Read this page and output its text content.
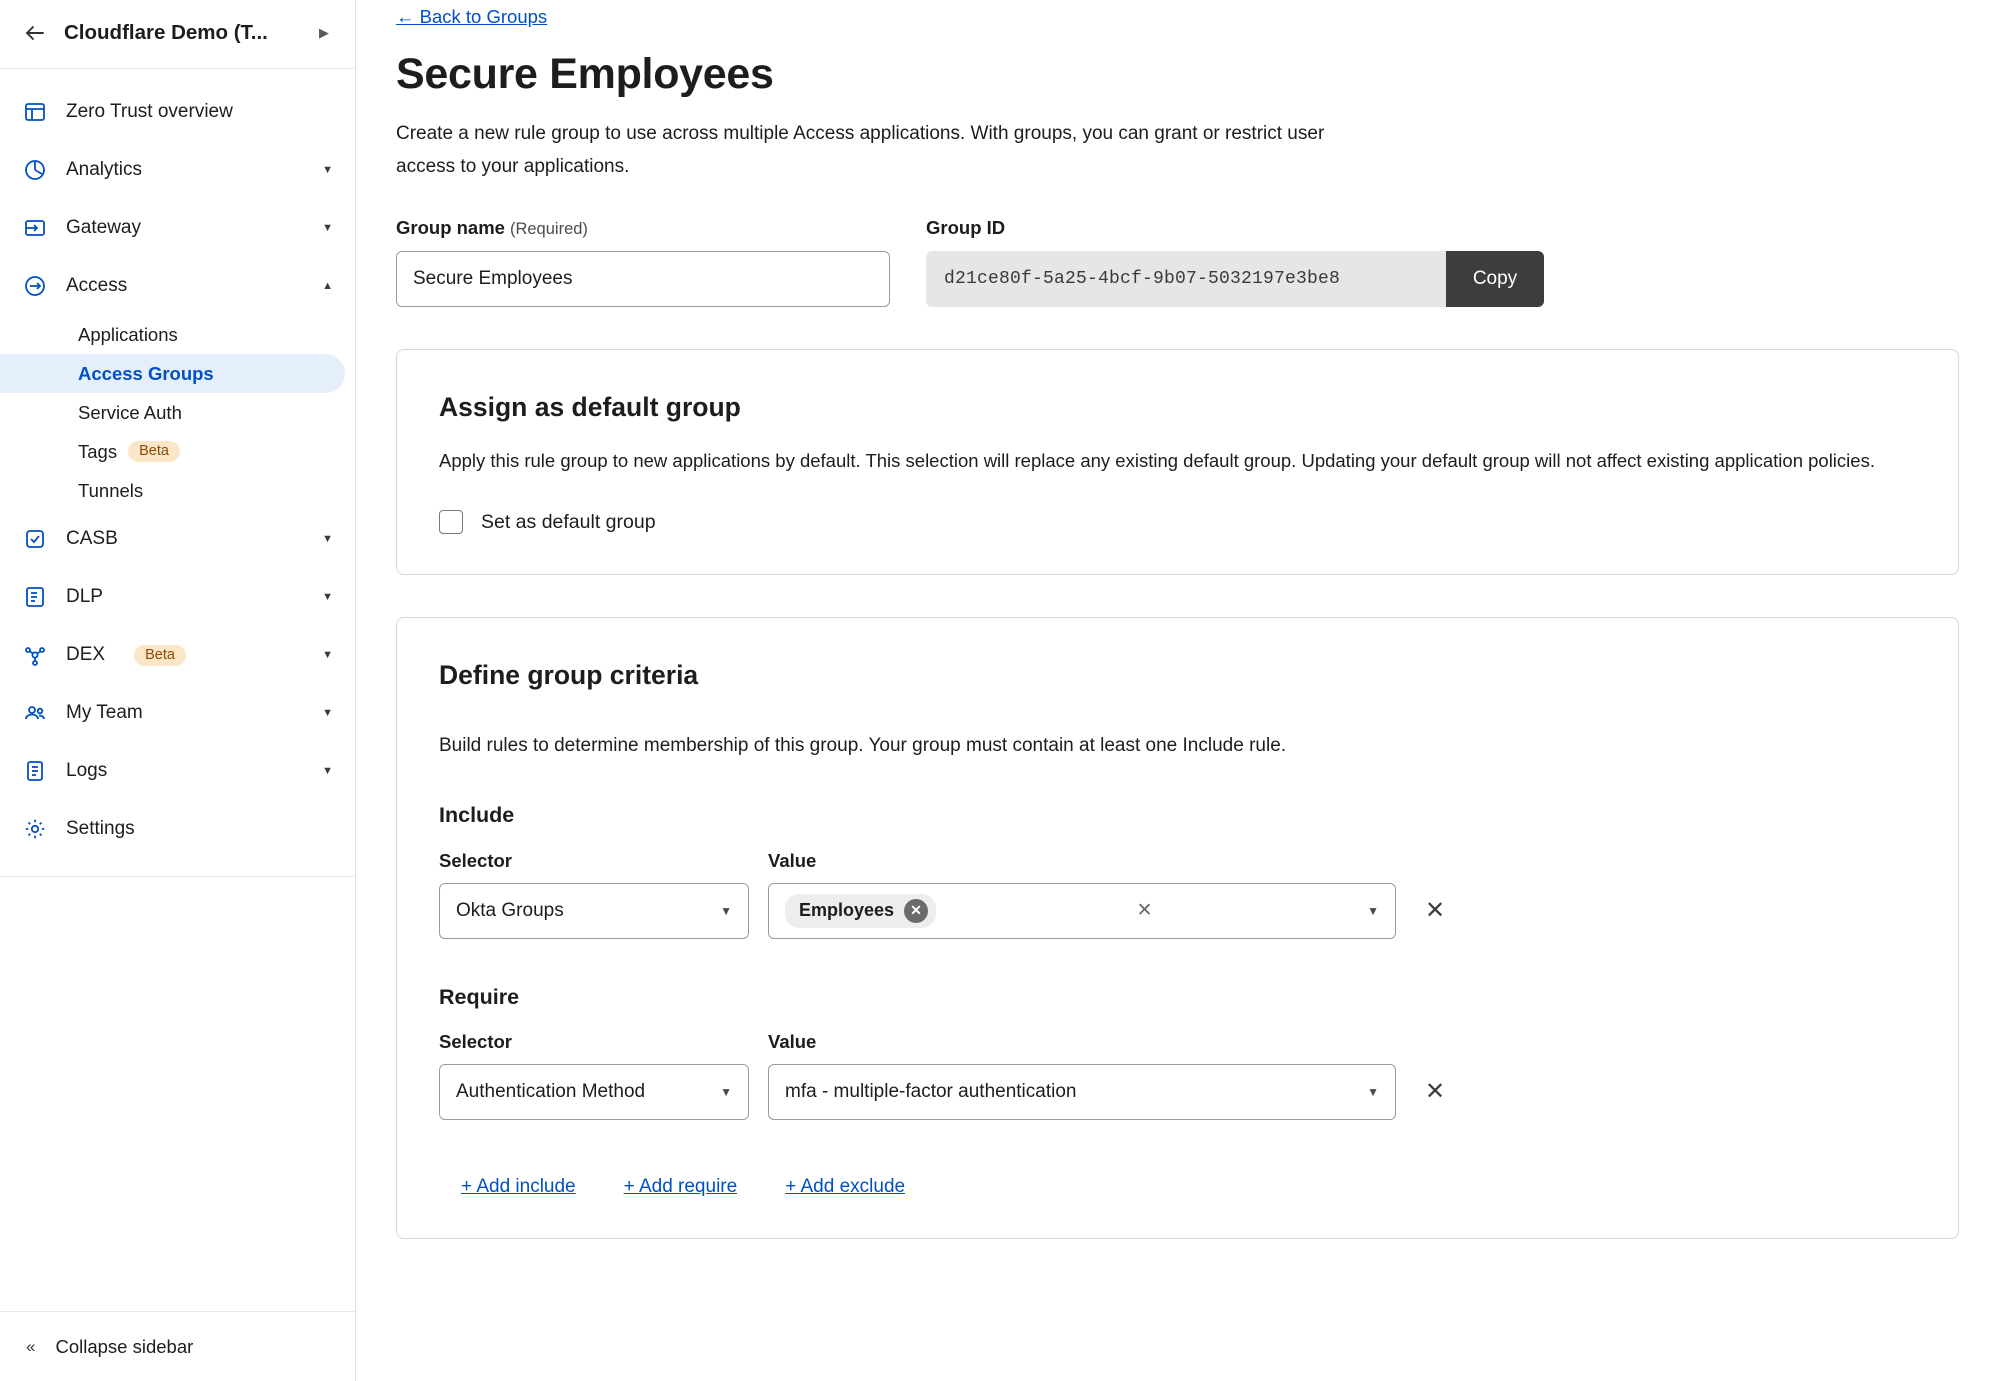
Cloudflare Demo (T...	▶
Zero Trust overview
Analytics	▼
Gateway	▼
Access	▲
Applications
Access Groups
Service Auth
Tags	Beta
Tunnels
CASB	▼
DLP	▼
DEX	Beta	▼
My Team	▼
Logs	▼
Settings
« Collapse sidebar
← Back to Groups
Secure Employees

Create a new rule group to use across multiple Access applications. With groups, you can grant or restrict user access to your applications.

Group name (Required)
Secure Employees	Group ID
d21ce80f-5a25-4bcf-9b07-5032197e3be8	Copy
Assign as default group

Apply this rule group to new applications by default. This selection will replace any existing default group. Updating your default group will not affect existing application policies.

Set as default group
Define group criteria

Build rules to determine membership of this group. Your group must contain at least one Include rule.

Include
Selector
Okta Groups	▼
Value
Employees	✕	✕	▼	✕
Require
Selector
Authentication Method	▼
Value
mfa - multiple-factor authentication	▼	✕
+ Add include	+ Add require	+ Add exclude
